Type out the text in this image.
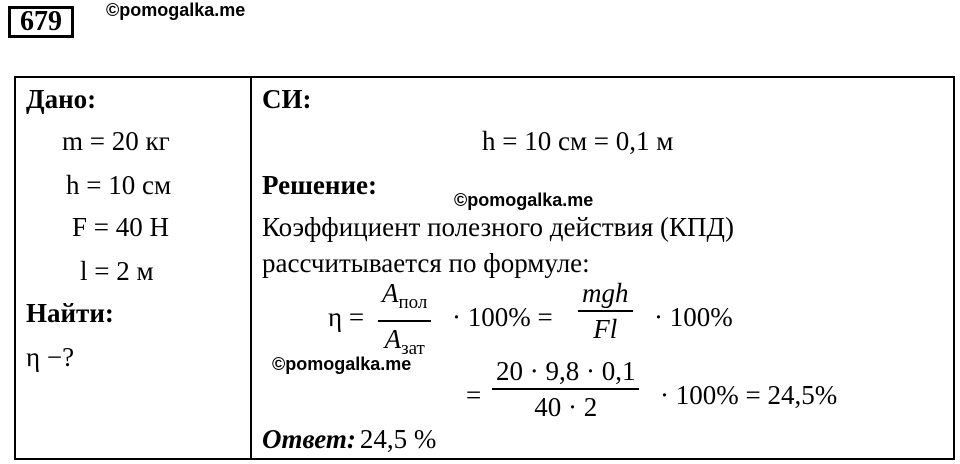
679	©pomogalka.me
Дано:
m = 20 кг
h = 10 см
F = 40 Н
l = 2 м
Найти:
η −?
СИ:
h = 10 см = 0,1 м
Решение:	©pomogalka.me
Коэффициент полезного действия (КПД)
рассчитывается по формуле:
η =
$A_{пол}$
$A_{зат}$
· 100% =
mgh
Fl · 100%
©pomogalka.me
=
20 · 9,8 · 0,1
40 · 2 · 100% = 24,5%
Ответ: 24,5 %
